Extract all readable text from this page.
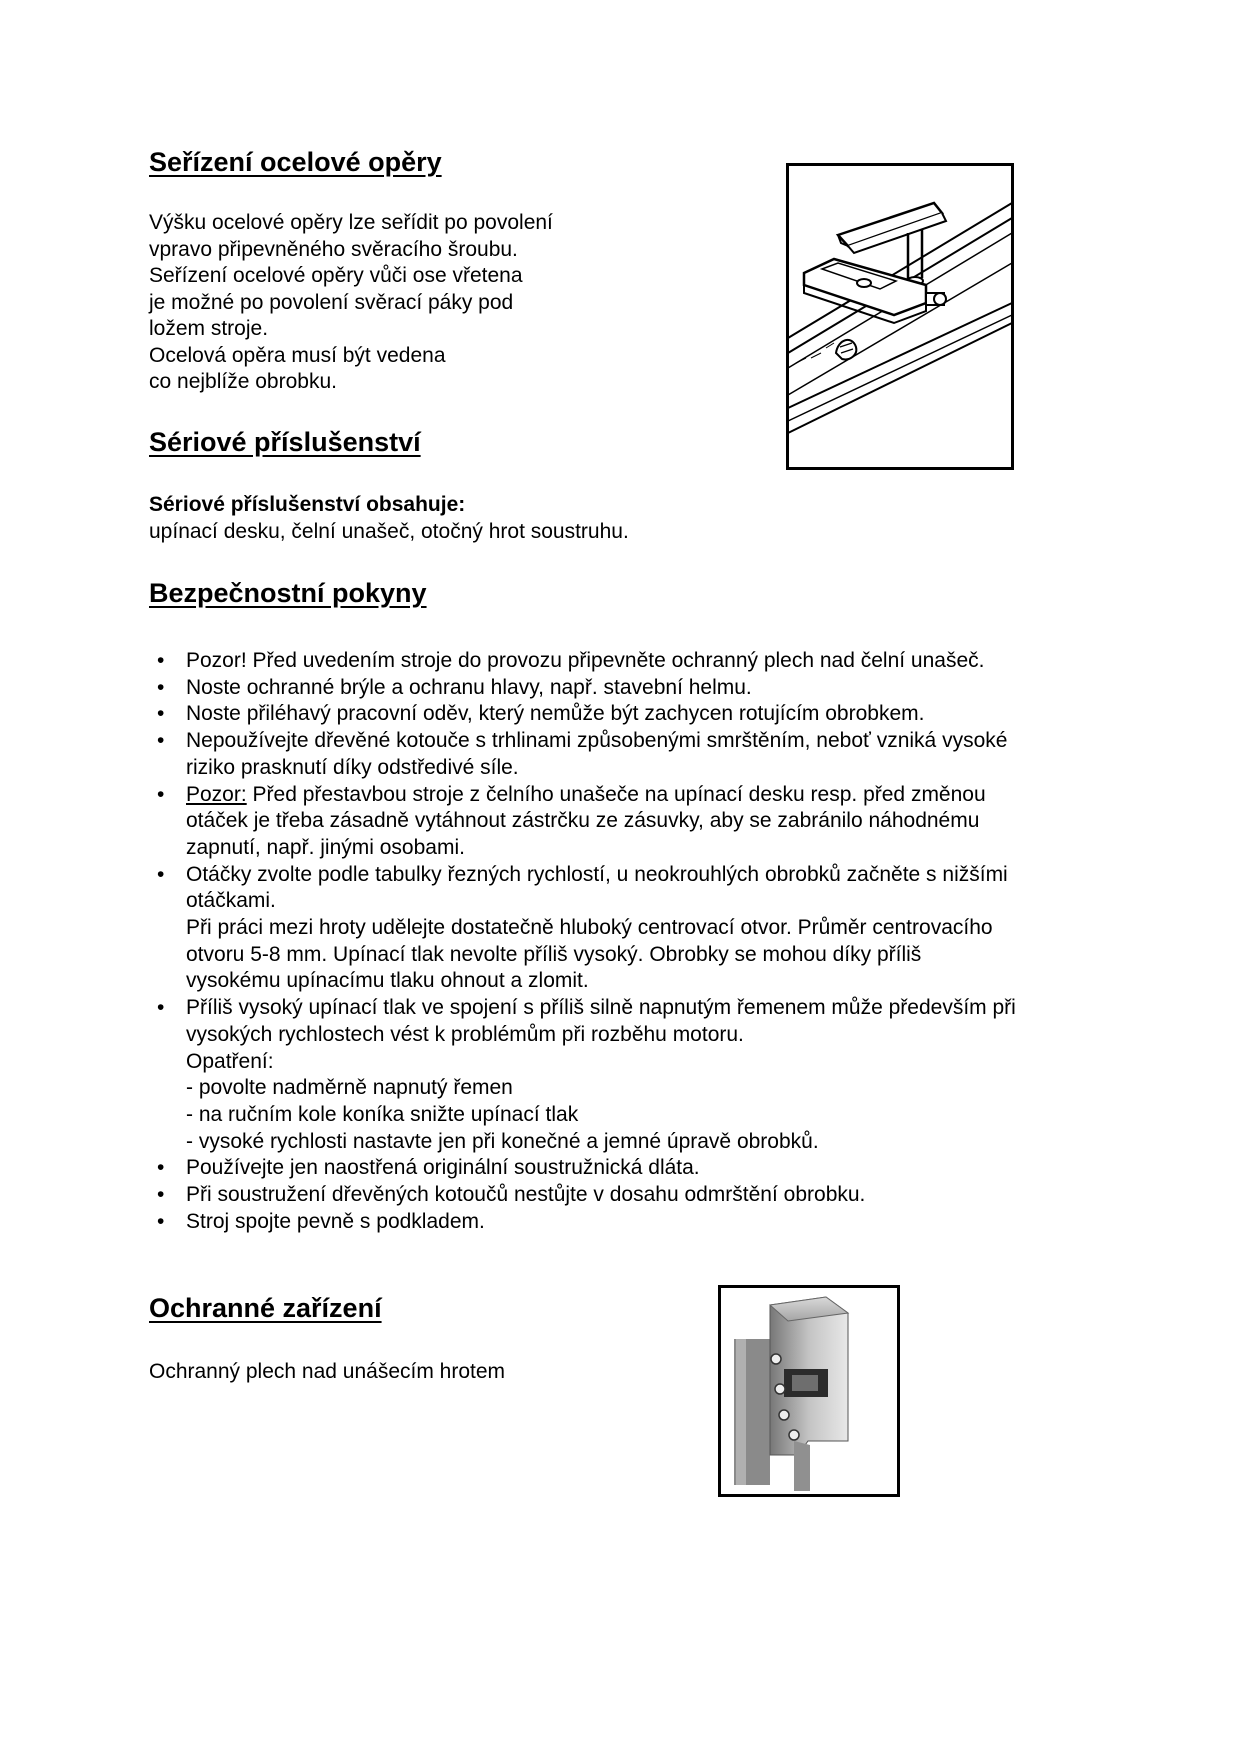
Seřízení ocelové opěry
Výšku ocelové opěry lze seřídit po povolení
vpravo připevněného svěracího šroubu.
Seřízení ocelové opěry vůči ose vřetena
je možné po povolení svěrací páky pod
ložem stroje.
Ocelová opěra musí být vedena
co nejblíže obrobku.
Sériové příslušenství
Sériové příslušenství obsahuje:
upínací desku, čelní unašeč, otočný hrot soustruhu.
Bezpečnostní pokyny
• Pozor! Před uvedením stroje do provozu připevněte ochranný plech nad čelní unašeč.
• Noste ochranné brýle a ochranu hlavy, např. stavební helmu.
• Noste přiléhavý pracovní oděv, který nemůže být zachycen rotujícím obrobkem.
• Nepoužívejte dřevěné kotouče s trhlinami způsobenými smrštěním, neboť vzniká vysoké
riziko prasknutí díky odstředivé síle.
• Pozor: Před přestavbou stroje z čelního unašeče na upínací desku resp. před změnou
otáček je třeba zásadně vytáhnout zástrčku ze zásuvky, aby se zabránilo náhodnému
zapnutí, např. jinými osobami.
• Otáčky zvolte podle tabulky řezných rychlostí, u neokrouhlých obrobků začněte s nižšími
otáčkami.
Při práci mezi hroty udělejte dostatečně hluboký centrovací otvor. Průměr centrovacího
otvoru 5-8 mm. Upínací tlak nevolte příliš vysoký. Obrobky se mohou díky příliš
vysokému upínacímu tlaku ohnout a zlomit.
• Příliš vysoký upínací tlak ve spojení s příliš silně napnutým řemenem může především při
vysokých rychlostech vést k problémům při rozběhu motoru.
Opatření:
- povolte nadměrně napnutý řemen
- na ručním kole koníka snižte upínací tlak
- vysoké rychlosti nastavte jen při konečné a jemné úpravě obrobků.
• Používejte jen naostřená originální soustružnická dláta.
• Při soustružení dřevěných kotoučů nestůjte v dosahu odmrštění obrobku.
• Stroj spojte pevně s podkladem.
Ochranné zařízení
Ochranný plech nad unášecím hrotem
